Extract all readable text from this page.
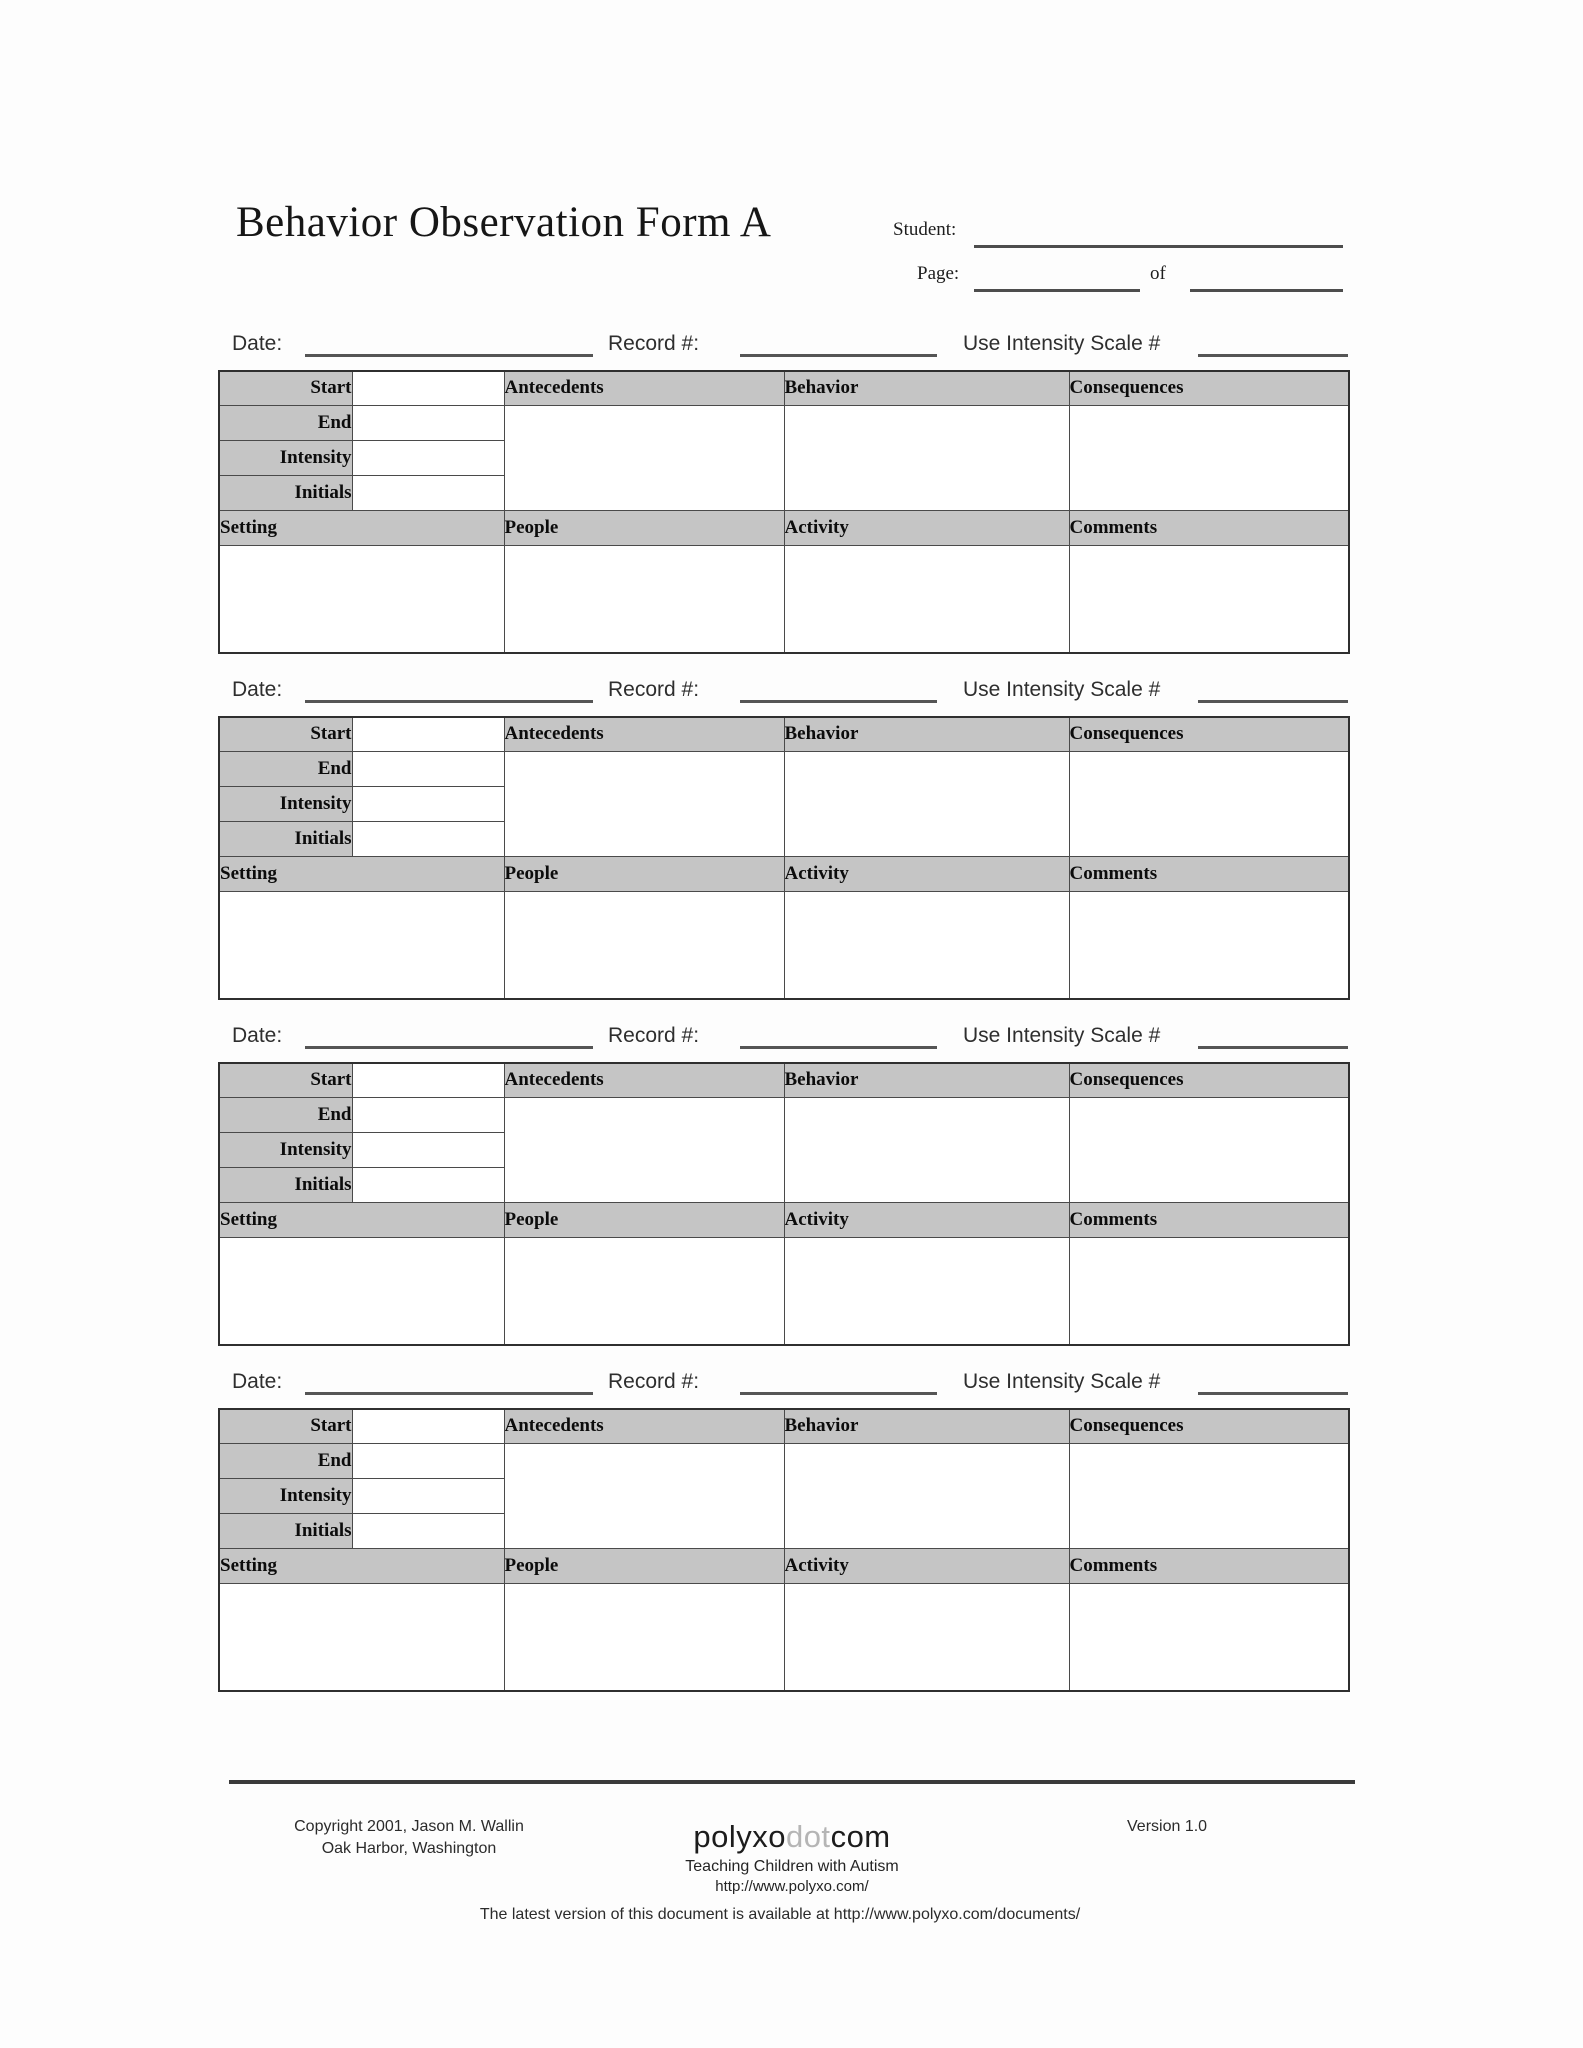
Behavior Observation Form A	Student:
Page:	of
Date:	Record #:	Use Intensity Scale #
Start		Antecedents	Behavior	Consequences
End				
Intensity				
Initials				
Setting		People	Activity	Comments

Date:	Record #:	Use Intensity Scale #
Start		Antecedents	Behavior	Consequences
End				
Intensity				
Initials				
Setting		People	Activity	Comments

Date:	Record #:	Use Intensity Scale #
Start		Antecedents	Behavior	Consequences
End				
Intensity				
Initials				
Setting		People	Activity	Comments

Date:	Record #:	Use Intensity Scale #
Start		Antecedents	Behavior	Consequences
End				
Intensity				
Initials				
Setting		People	Activity	Comments

Copyright 2001, Jason M. Wallin
Oak Harbor, Washington	polyxodotcom
Teaching Children with Autism
http://www.polyxo.com/
Version 1.0
The latest version of this document is available at http://www.polyxo.com/documents/
